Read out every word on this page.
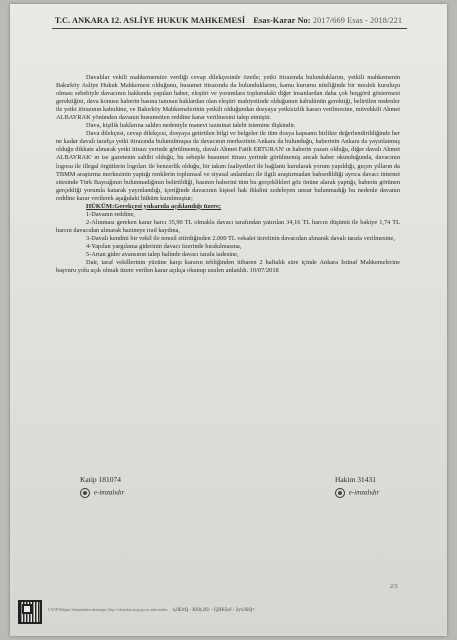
T.C. ANKARA 12. ASLİYE HUKUK MAHKEMESİ Esas-Karar No: 2017/669 Esas - 2018/221

Davalılar vekili mahkememize verdiği cevap dilekçesinde özetle; yetki itirazında bulunduklarını, yetkili mahkemenin Bakırköy Asliye Hukuk Mahkemesi olduğunu, husumet itirazında da bulunduklarını, kamu kurumu niteliğinde bir meslek kuruluşu olması sebebiyle davacının hakkında yapılan haber, eleştiri ve yorumlara toplumdaki diğer insanlardan daha çok hoşgörü göstermesi gerektiğini, dava konusu haberin basına tanınan haklardan olan eleştiri mahiyetinde olduğunun kabulünün gerektiği, belirtilen nedenler ile yetki itirazının kabulüne, ve Bakırköy Mahkemelerinin yetkili olduğundan dosyaya yetkisizlik kararı verilmesine, müvekkili Ahmet ALBAYRAK yönünden davanın husumetten reddine karar verilmesini talep etmiştir.

Dava, kişilik haklarına saldırı nedeniyle manevi tazminat talebi istemine ilişkindir.

Dava dilekçesi, cevap dilekçesi, dosyaya getirtilen bilgi ve belgeler ile tüm dosya kapsamı birlikte değerlendirildiğinde her ne kadar davalı tarafça yetki itirazında bulunulmuşsa da davacının merkezinin Ankara da bulunduğu, haberinin Ankara da yayınlanmış olduğu dikkate alınarak yetki itirazı yerinde görülmemiş, davalı Ahmet Fatih ERTURAN' ın haberin yazarı olduğu, diğer davalı Ahmet ALBAYRAK' ın ise gazetenin sahibi olduğu, bu sebeple husumet itirazı yerinde görülmemiş ancak haber okunduğunda, davacının logosu ile illegal örgütlerin logoları ile benzerlik olduğu, bir takım faaliyetleri ile bağlantı kurularak yorum yapıldığı, geçen yılların da TBMM araştırma merkezinin yaptığı renklerin toplumsal ve siyasal anlamları ile ilgili araştırmadan bahsedildiği ayrıca davacı internet sitesinde Türk Bayrağının bulunmadığının belirtildiği, basının haberini tüm bu gerçeklikleri göz önüne alarak yaptığı, haberin görünen gerçekliği yorumla katarak yayınlandığı, içeriğinde davacının kişisel hak ihlalini zedeleyen unsur bulunmadığı bu nedenle davanın reddine karar verilerek aşağıdaki hüküm kurulmuştur;

HÜKÜM:Gerekçesi yukarıda açıklandığı üzere;

1-Davanın reddine,

2-Alınması gereken karar harcı 35,90 TL olmakla davacı tarafından yatırılan 34,16 TL harcın düşümü ile bakiye 1,74 TL harcın davacıdan alınarak hazineye irad kaydına,

3-Davalı kendini bir vekil ile temsil ettirdiğinden 2.000 TL vekalet ücretinin davacıdan alınarak davalı tarafa verilmesine,

4-Yapılan yargılama giderinin davacı üzerinde bırakılmasına,

5-Artan gider avansının talep halinde davacı tarafa iadesine,

Dair, taraf vekillerinin yüzüne karşı kararın tebliğinden itibaren 2 haftalık süre içinde Ankara İstinaf Mahkemelerine başvuru yolu açık olmak üzere verilen karar açıkça okunup usulen anlatıldı. 10/07/2018

Katip 181074
e-imzalıdır
Hakim 31431
e-imzalıdır
2/3
UYAP Bilişim Sisteminden alınmıştır. http://vatandas.uyap.gov.tr adresinden x2lE/tQ - Kl9y2O/ - QJHi5oJ - 2yx3SQ=
